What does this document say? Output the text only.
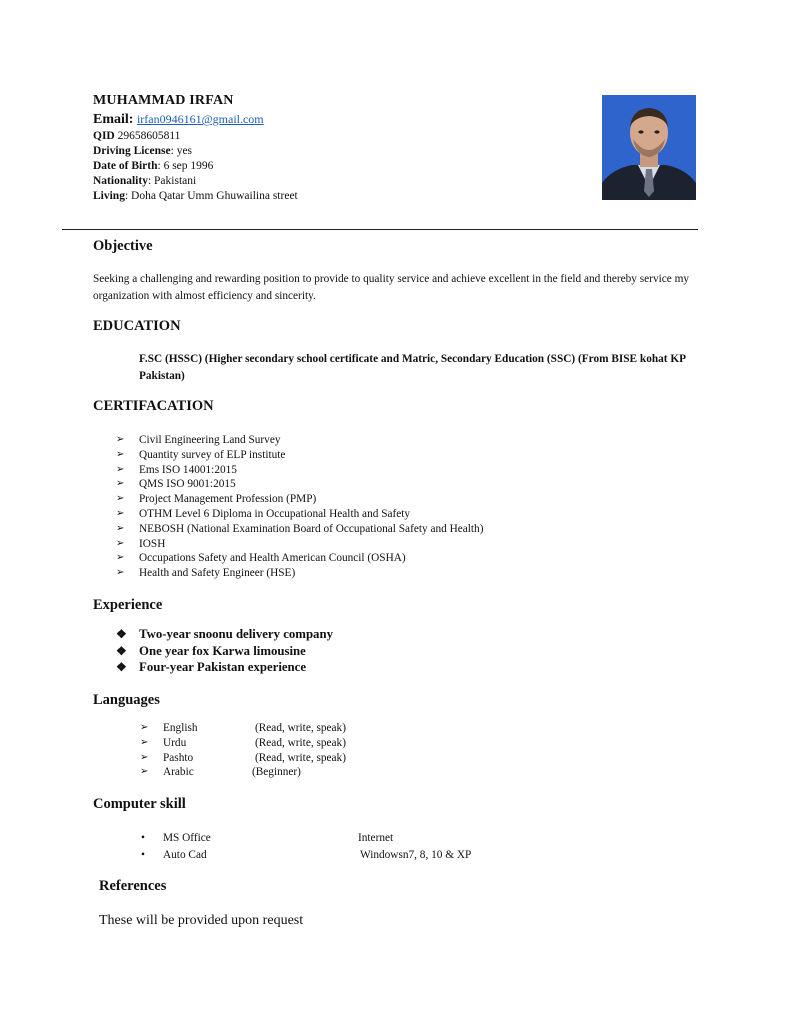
MUHAMMAD IRFAN
Email: irfan0946161@gmail.com
QID 29658605811
Driving License: yes
Date of Birth: 6 sep 1996
Nationality: Pakistani
Living: Doha Qatar Umm Ghuwailina street
Objective
Seeking a challenging and rewarding position to provide to quality service and achieve excellent in the field and thereby service my organization with almost efficiency and sincerity.
EDUCATION
F.SC (HSSC) (Higher secondary school certificate and Matric, Secondary Education (SSC) (From BISE kohat KP Pakistan)
CERTIFACATION
➢ Civil Engineering Land Survey
➢ Quantity survey of ELP institute
➢ Ems ISO 14001:2015
➢ QMS ISO 9001:2015
➢ Project Management Profession (PMP)
➢ OTHM Level 6 Diploma in Occupational Health and Safety
➢ NEBOSH (National Examination Board of Occupational Safety and Health)
➢ IOSH
➢ Occupations Safety and Health American Council (OSHA)
➢ Health and Safety Engineer (HSE)
Experience
❖ Two-year snoonu delivery company
❖ One year fox Karwa limousine
❖ Four-year Pakistan experience
Languages
➢ English	(Read, write, speak)
➢ Urdu	(Read, write, speak)
➢ Pashto	(Read, write, speak)
➢ Arabic	(Beginner)
Computer skill
• MS Office	Internet
• Auto Cad	Windowsn7, 8, 10 & XP
References
These will be provided upon request
